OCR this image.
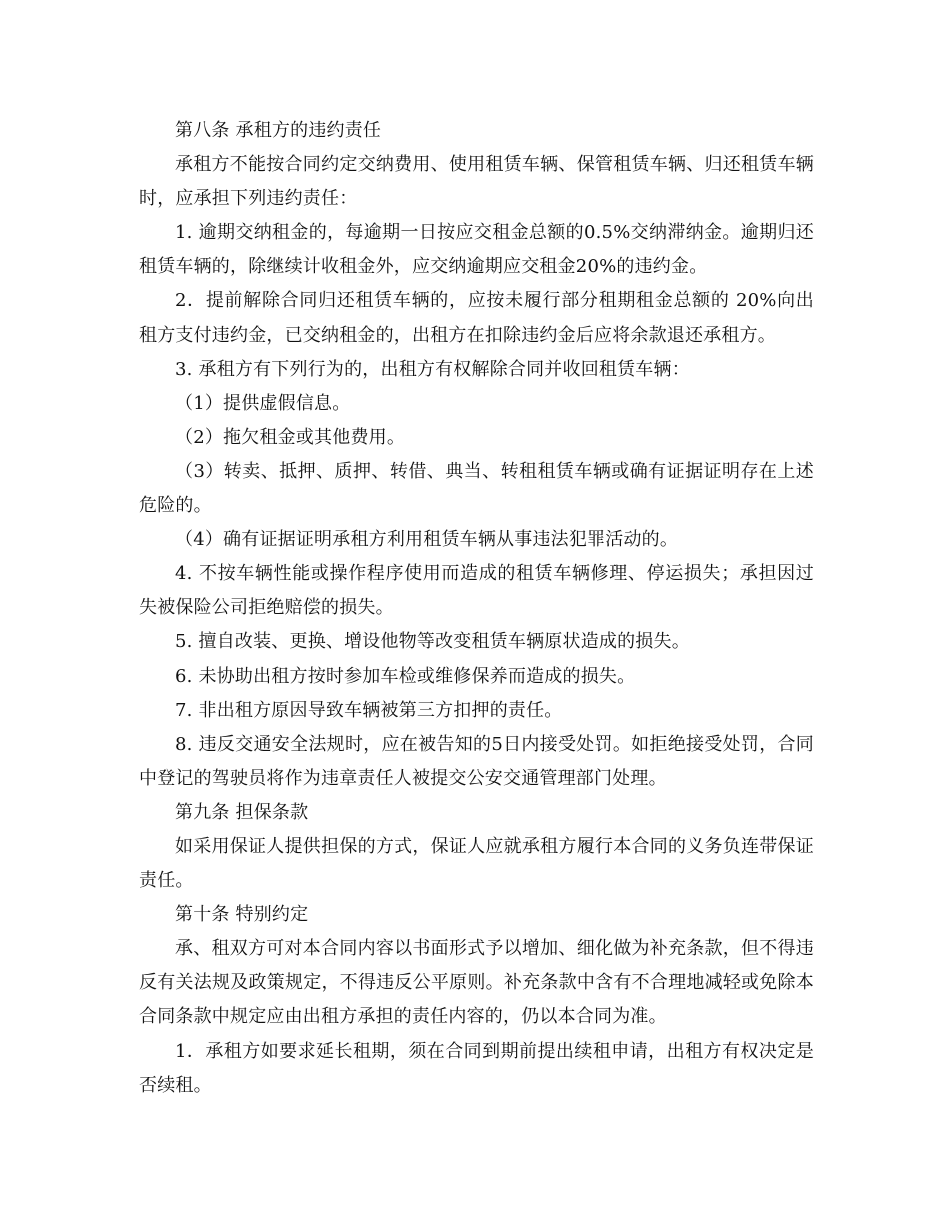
第八条 承租方的违约责任

承租方不能按合同约定交纳费用、使用租赁车辆、保管租赁车辆、归还租赁车辆时，应承担下列违约责任：

1. 逾期交纳租金的，每逾期一日按应交租金总额的0.5%交纳滞纳金。逾期归还租赁车辆的，除继续计收租金外，应交纳逾期应交租金20%的违约金。

2．提前解除合同归还租赁车辆的，应按未履行部分租期租金总额的 20%向出租方支付违约金，已交纳租金的，出租方在扣除违约金后应将余款退还承租方。

3. 承租方有下列行为的，出租方有权解除合同并收回租赁车辆：

（1）提供虚假信息。

（2）拖欠租金或其他费用。

（3）转卖、抵押、质押、转借、典当、转租租赁车辆或确有证据证明存在上述危险的。

（4）确有证据证明承租方利用租赁车辆从事违法犯罪活动的。

4. 不按车辆性能或操作程序使用而造成的租赁车辆修理、停运损失；承担因过失被保险公司拒绝赔偿的损失。

5. 擅自改装、更换、增设他物等改变租赁车辆原状造成的损失。

6. 未协助出租方按时参加车检或维修保养而造成的损失。

7. 非出租方原因导致车辆被第三方扣押的责任。

8. 违反交通安全法规时，应在被告知的5日内接受处罚。如拒绝接受处罚，合同中登记的驾驶员将作为违章责任人被提交公安交通管理部门处理。

第九条 担保条款

如采用保证人提供担保的方式，保证人应就承租方履行本合同的义务负连带保证责任。

第十条 特别约定

承、租双方可对本合同内容以书面形式予以增加、细化做为补充条款，但不得违反有关法规及政策规定，不得违反公平原则。补充条款中含有不合理地减轻或免除本合同条款中规定应由出租方承担的责任内容的，仍以本合同为准。

1．承租方如要求延长租期，须在合同到期前提出续租申请，出租方有权决定是否续租。
